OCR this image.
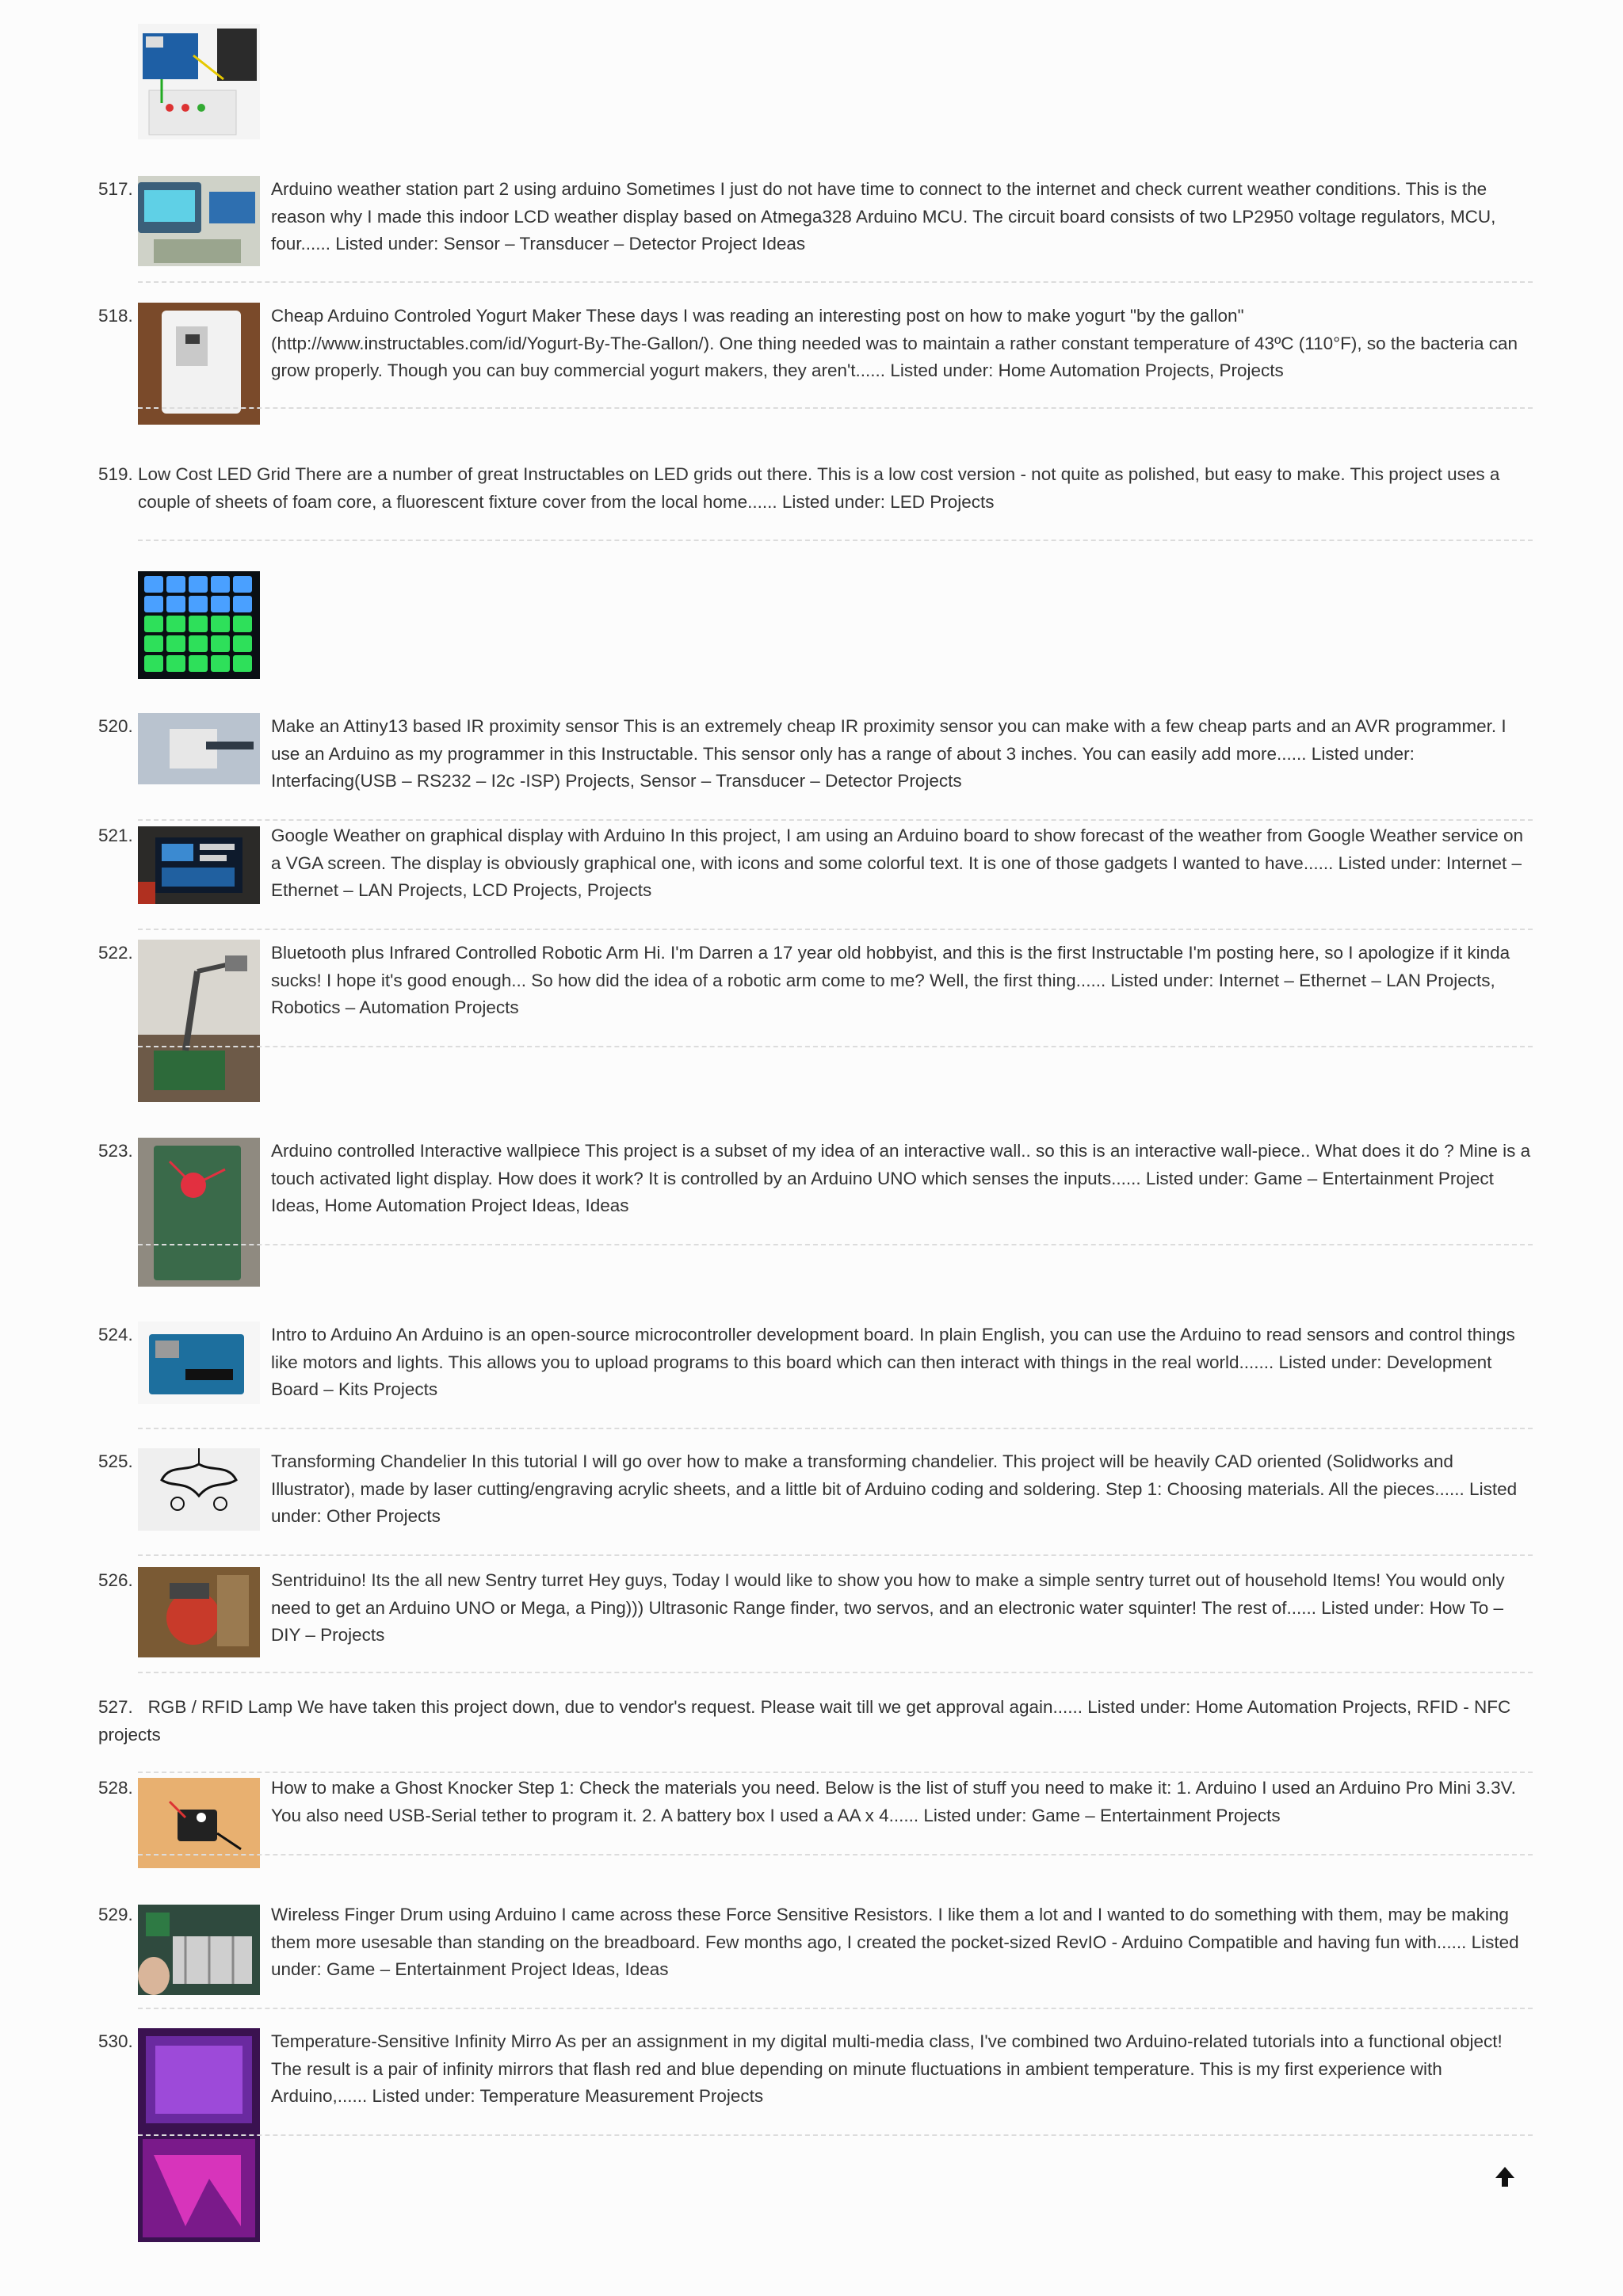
517.	Arduino weather station part 2 using arduino Sometimes I just do not have time to connect to the internet and check current weather conditions. This is the reason why I made this indoor LCD weather display based on Atmega328 Arduino MCU. The circuit board consists of two LP2950 voltage regulators, MCU, four...... Listed under: Sensor – Transducer – Detector Project Ideas

518.	Cheap Arduino Controled Yogurt Maker These days I was reading an interesting post on how to make yogurt "by the gallon" (http://www.instructables.com/id/Yogurt-By-The-Gallon/). One thing needed was to maintain a rather constant temperature of 43ºC (110°F), so the bacteria can grow properly. Though you can buy commercial yogurt makers, they aren't...... Listed under: Home Automation Projects, Projects

519. Low Cost LED Grid There are a number of great Instructables on LED grids out there. This is a low cost version - not quite as polished, but easy to make. This project uses a couple of sheets of foam core, a fluorescent fixture cover from the local home...... Listed under: LED Projects

520.	Make an Attiny13 based IR proximity sensor This is an extremely cheap IR proximity sensor you can make with a few cheap parts and an AVR programmer. I use an Arduino as my programmer in this Instructable. This sensor only has a range of about 3 inches. You can easily add more...... Listed under: Interfacing(USB – RS232 – I2c -ISP) Projects, Sensor – Transducer – Detector Projects

521.	Google Weather on graphical display with Arduino In this project, I am using an Arduino board to show forecast of the weather from Google Weather service on a VGA screen. The display is obviously graphical one, with icons and some colorful text. It is one of those gadgets I wanted to have...... Listed under: Internet – Ethernet – LAN Projects, LCD Projects, Projects

522.	Bluetooth plus Infrared Controlled Robotic Arm Hi. I'm Darren a 17 year old hobbyist, and this is the first Instructable I'm posting here, so I apologize if it kinda sucks! I hope it's good enough... So how did the idea of a robotic arm come to me? Well, the first thing...... Listed under: Internet – Ethernet – LAN Projects, Robotics – Automation Projects

523.	Arduino controlled Interactive wallpiece This project is a subset of my idea of an interactive wall.. so this is an interactive wall-piece.. What does it do ? Mine is a touch activated light display. How does it work? It is controlled by an Arduino UNO which senses the inputs...... Listed under: Game – Entertainment Project Ideas, Home Automation Project Ideas, Ideas

524.	Intro to Arduino An Arduino is an open-source microcontroller development board. In plain English, you can use the Arduino to read sensors and control things like motors and lights. This allows you to upload programs to this board which can then interact with things in the real world....... Listed under: Development Board – Kits Projects

525.	Transforming Chandelier In this tutorial I will go over how to make a transforming chandelier. This project will be heavily CAD oriented (Solidworks and Illustrator), made by laser cutting/engraving acrylic sheets, and a little bit of Arduino coding and soldering. Step 1: Choosing materials. All the pieces...... Listed under: Other Projects

526.	Sentriduino! Its the all new Sentry turret Hey guys, Today I would like to show you how to make a simple sentry turret out of household Items! You would only need to get an Arduino UNO or Mega, a Ping))) Ultrasonic Range finder, two servos, and an electronic water squinter! The rest of...... Listed under: How To – DIY – Projects

527. RGB / RFID Lamp We have taken this project down, due to vendor's request. Please wait till we get approval again...... Listed under: Home Automation Projects, RFID - NFC projects

528.	How to make a Ghost Knocker Step 1: Check the materials you need. Below is the list of stuff you need to make it: 1. Arduino I used an Arduino Pro Mini 3.3V. You also need USB-Serial tether to program it. 2. A battery box I used a AA x 4...... Listed under: Game – Entertainment Projects

529.	Wireless Finger Drum using Arduino I came across these Force Sensitive Resistors. I like them a lot and I wanted to do something with them, may be making them more usesable than standing on the breadboard. Few months ago, I created the pocket-sized RevIO - Arduino Compatible and having fun with...... Listed under: Game – Entertainment Project Ideas, Ideas

530.	Temperature-Sensitive Infinity Mirro As per an assignment in my digital multi-media class, I've combined two Arduino-related tutorials into a functional object! The result is a pair of infinity mirrors that flash red and blue depending on minute fluctuations in ambient temperature. This is my first experience with Arduino,...... Listed under: Temperature Measurement Projects
